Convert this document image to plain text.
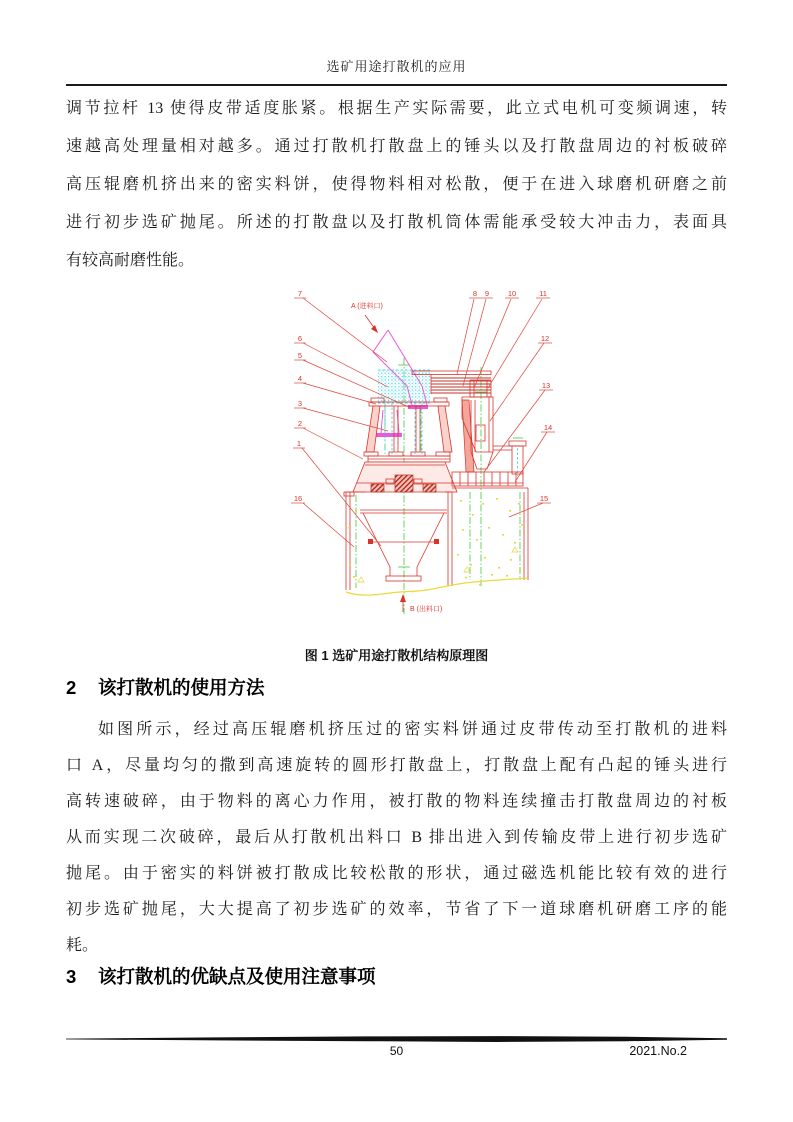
选矿用途打散机的应用
调节拉杆 13 使得皮带适度胀紧。根据生产实际需要，此立式电机可变频调速，转
速越高处理量相对越多。通过打散机打散盘上的锤头以及打散盘周边的衬板破碎
高压辊磨机挤出来的密实料饼，使得物料相对松散，便于在进入球磨机研磨之前
进行初步选矿抛尾。所述的打散盘以及打散机筒体需能承受较大冲击力，表面具
有较高耐磨性能。
7
6
5
4
3
2
1
16
8 9 10	11
12
13
14
15
A (进料口)
B (出料口)
图 1 选矿用途打散机结构原理图
2	该打散机的使用方法
如图所示，经过高压辊磨机挤压过的密实料饼通过皮带传动至打散机的进料
口 A，尽量均匀的撒到高速旋转的圆形打散盘上，打散盘上配有凸起的锤头进行
高转速破碎，由于物料的离心力作用，被打散的物料连续撞击打散盘周边的衬板
从而实现二次破碎，最后从打散机出料口 B 排出进入到传输皮带上进行初步选矿
抛尾。由于密实的料饼被打散成比较松散的形状，通过磁选机能比较有效的进行
初步选矿抛尾，大大提高了初步选矿的效率，节省了下一道球磨机研磨工序的能
耗。
3	该打散机的优缺点及使用注意事项
50	2021.No.2
